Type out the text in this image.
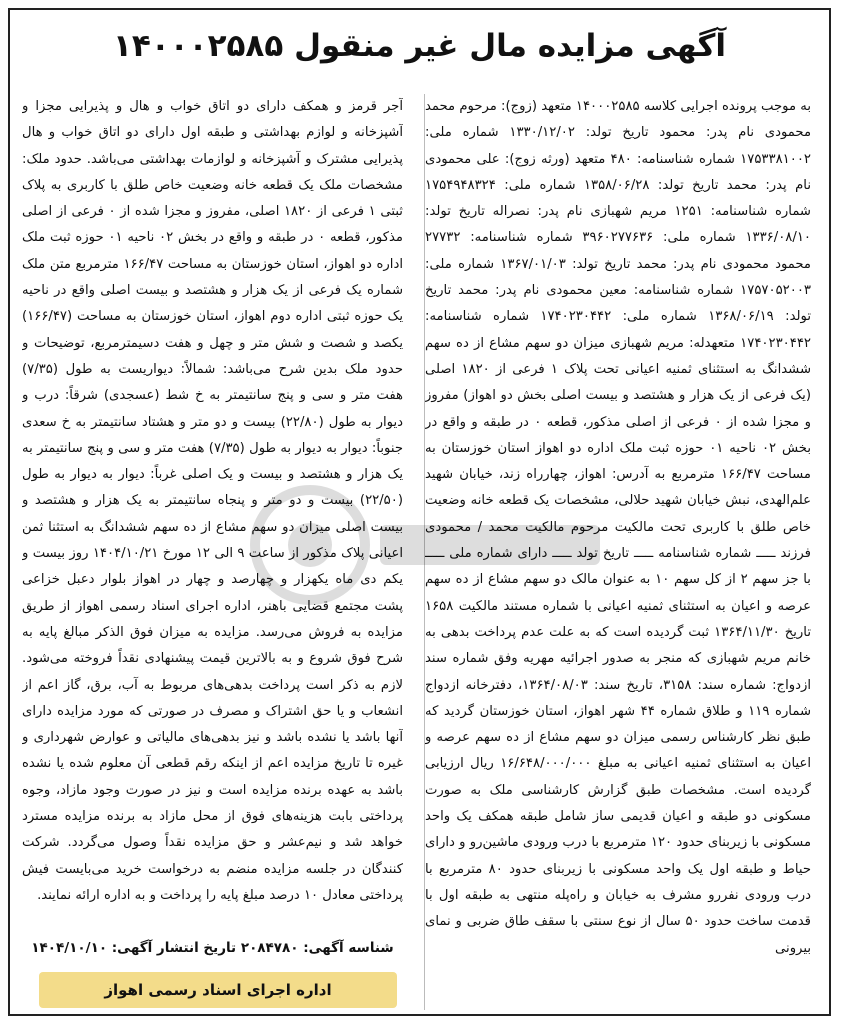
آگهی مزایده مال غیر منقول ۱۴۰۰۰۲۵۸۵
به موجب پرونده اجرایی کلاسه ۱۴۰۰۰۲۵۸۵ متعهد (زوج): مرحوم محمد محمودی نام پدر: محمود تاریخ تولد: ۱۳۳۰/۱۲/۰۲ شماره ملی: ۱۷۵۳۳۸۱۰۰۲ شماره شناسنامه: ۴۸۰ متعهد (ورثه زوج): علی محمودی نام پدر: محمد تاریخ تولد: ۱۳۵۸/۰۶/۲۸ شماره ملی: ۱۷۵۴۹۴۸۳۲۴ شماره شناسنامه: ۱۲۵۱ مریم شهبازی نام پدر: نصراله تاریخ تولد: ۱۳۳۶/۰۸/۱۰ شماره ملی: ۳۹۶۰۲۷۷۶۳۶ شماره شناسنامه: ۲۷۷۳۲ محمود محمودی نام پدر: محمد تاریخ تولد: ۱۳۶۷/۰۱/۰۳ شماره ملی: ۱۷۵۷۰۵۲۰۰۳ شماره شناسنامه: معین محمودی نام پدر: محمد تاریخ تولد: ۱۳۶۸/۰۶/۱۹ شماره ملی: ۱۷۴۰۲۳۰۴۴۲ شماره شناسنامه: ۱۷۴۰۲۳۰۴۴۲ متعهدله: مریم شهبازی میزان دو سهم مشاع از ده سهم ششدانگ به استثنای ثمنیه اعیانی تحت پلاک ۱ فرعی از ۱۸۲۰ اصلی (یک فرعی از یک هزار و هشتصد و بیست اصلی بخش دو اهواز) مفروز و مجزا شده از ۰ فرعی از اصلی مذکور، قطعه ۰ در طبقه و واقع در بخش ۰۲ ناحیه ۰۱ حوزه ثبت ملک اداره دو اهواز استان خوزستان به مساحت ۱۶۶/۴۷ مترمربع به آدرس: اهواز، چهارراه زند، خیابان شهید علم‌الهدی، نبش خیابان شهید حلالی، مشخصات یک قطعه خانه وضعیت خاص طلق با کاربری تحت مالکیت مرحوم مالکیت محمد / محمودی فرزند ـــــ شماره شناسنامه ـــــ تاریخ تولد ـــــ دارای شماره ملی ـــــ با جز سهم ۲ از کل سهم ۱۰ به عنوان مالک دو سهم مشاع از ده سهم عرصه و اعیان به استثنای ثمنیه اعیانی با شماره مستند مالکیت ۱۶۵۸ تاریخ ۱۳۶۴/۱۱/۳۰ ثبت گردیده است که به علت عدم پرداخت بدهی به خانم مریم شهبازی که منجر به صدور اجرائیه مهریه وفق شماره سند ازدواج: شماره سند: ۳۱۵۸، تاریخ سند: ۱۳۶۴/۰۸/۰۳، دفترخانه ازدواج شماره ۱۱۹ و طلاق شماره ۴۴ شهر اهواز، استان خوزستان گردید که طبق نظر کارشناس رسمی میزان دو سهم مشاع از ده سهم عرصه و اعیان به استثنای ثمنیه اعیانی به مبلغ ۱۶/۶۴۸/۰۰۰/۰۰۰ ریال ارزیابی گردیده است. مشخصات طبق گزارش کارشناسی ملک به صورت مسکونی دو طبقه و اعیان قدیمی ساز شامل طبقه همکف یک واحد مسکونی با زیربنای حدود ۱۲۰ مترمربع با درب ورودی ماشین‌رو و دارای حیاط و طبقه اول یک واحد مسکونی با زیربنای حدود ۸۰ مترمربع با درب ورودی نفررو مشرف به خیابان و راه‌پله منتهی به طبقه اول با قدمت ساخت حدود ۵۰ سال از نوع سنتی با سقف طاق ضربی و نمای بیرونی
آجر قرمز و همکف دارای دو اتاق خواب و هال و پذیرایی مجزا و آشپزخانه و لوازم بهداشتی و طبقه اول دارای دو اتاق خواب و هال پذیرایی مشترک و آشپزخانه و لوازمات بهداشتی می‌باشد. حدود ملک: مشخصات ملک یک قطعه خانه وضعیت خاص طلق با کاربری به پلاک ثبتی ۱ فرعی از ۱۸۲۰ اصلی، مفروز و مجزا شده از ۰ فرعی از اصلی مذکور، قطعه ۰ در طبقه و واقع در بخش ۰۲ ناحیه ۰۱ حوزه ثبت ملک اداره دو اهواز، استان خوزستان به مساحت ۱۶۶/۴۷ مترمربع متن ملک شماره یک فرعی از یک هزار و هشتصد و بیست اصلی واقع در ناحیه یک حوزه ثبتی اداره دوم اهواز، استان خوزستان به مساحت (۱۶۶/۴۷) یکصد و شصت و شش متر و چهل و هفت دسیمترمربع، توضیحات و حدود ملک بدین شرح می‌باشد: شمالاً: دیواریست به طول (۷/۳۵) هفت متر و سی و پنج سانتیمتر به خ شط (عسجدی) شرقاً: درب و دیوار به طول (۲۲/۸۰) بیست و دو متر و هشتاد سانتیمتر به خ سعدی جنوباً: دیوار به دیوار به طول (۷/۳۵) هفت متر و سی و پنج سانتیمتر به یک هزار و هشتصد و بیست و یک اصلی غرباً: دیوار به دیوار به طول (۲۲/۵۰) بیست و دو متر و پنجاه سانتیمتر به یک هزار و هشتصد و بیست اصلی میزان دو سهم مشاع از ده سهم ششدانگ به استثنا ثمن اعیانی پلاک مذکور از ساعت ۹ الی ۱۲ مورخ ۱۴۰۴/۱۰/۲۱ روز بیست و یکم دی ماه یکهزار و چهارصد و چهار در اهواز بلوار دعبل خزاعی پشت مجتمع قضایی باهنر، اداره اجرای اسناد رسمی اهواز از طریق مزایده به فروش می‌رسد. مزایده به میزان فوق الذکر مبالغ پایه به شرح فوق شروع و به بالاترین قیمت پیشنهادی نقداً فروخته می‌شود. لازم به ذکر است پرداخت بدهی‌های مربوط به آب، برق، گاز اعم از انشعاب و یا حق اشتراک و مصرف در صورتی که مورد مزایده دارای آنها باشد یا نشده باشد و نیز بدهی‌های مالیاتی و عوارض شهرداری و غیره تا تاریخ مزایده اعم از اینکه رقم قطعی آن معلوم شده یا نشده باشد به عهده برنده مزایده است و نیز در صورت وجود مازاد، وجوه پرداختی بابت هزینه‌های فوق از محل مازاد به برنده مزایده مسترد خواهد شد و نیم‌عشر و حق مزایده نقداً وصول می‌گردد. شرکت کنندگان در جلسه مزایده منضم به درخواست خرید می‌بایست فیش پرداختی معادل ۱۰ درصد مبلغ پایه را پرداخت و به اداره ارائه نمایند.
شناسه آگهی: ۲۰۸۴۷۸۰ تاریخ انتشار آگهی: ۱۴۰۴/۱۰/۱۰
اداره اجرای اسناد رسمی اهواز
